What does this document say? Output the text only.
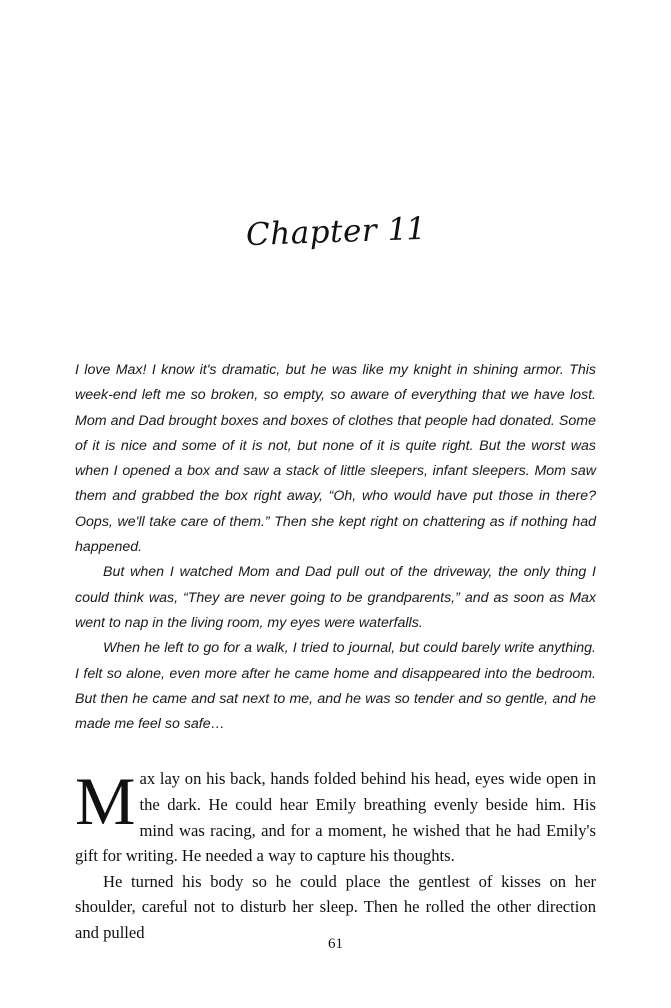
Chapter 11

I love Max! I know it's dramatic, but he was like my knight in shining armor. This week-end left me so broken, so empty, so aware of everything that we have lost. Mom and Dad brought boxes and boxes of clothes that people had donated. Some of it is nice and some of it is not, but none of it is quite right. But the worst was when I opened a box and saw a stack of little sleepers, infant sleepers. Mom saw them and grabbed the box right away, “Oh, who would have put those in there? Oops, we'll take care of them.” Then she kept right on chattering as if nothing had happened.

But when I watched Mom and Dad pull out of the driveway, the only thing I could think was, “They are never going to be grandparents,” and as soon as Max went to nap in the living room, my eyes were waterfalls.

When he left to go for a walk, I tried to journal, but could barely write anything. I felt so alone, even more after he came home and disappeared into the bedroom. But then he came and sat next to me, and he was so tender and so gentle, and he made me feel so safe…

Max lay on his back, hands folded behind his head, eyes wide open in the dark. He could hear Emily breathing evenly beside him. His mind was racing, and for a moment, he wished that he had Emily's gift for writing. He needed a way to capture his thoughts.

He turned his body so he could place the gentlest of kisses on her shoulder, careful not to disturb her sleep. Then he rolled the other direction and pulled

61
